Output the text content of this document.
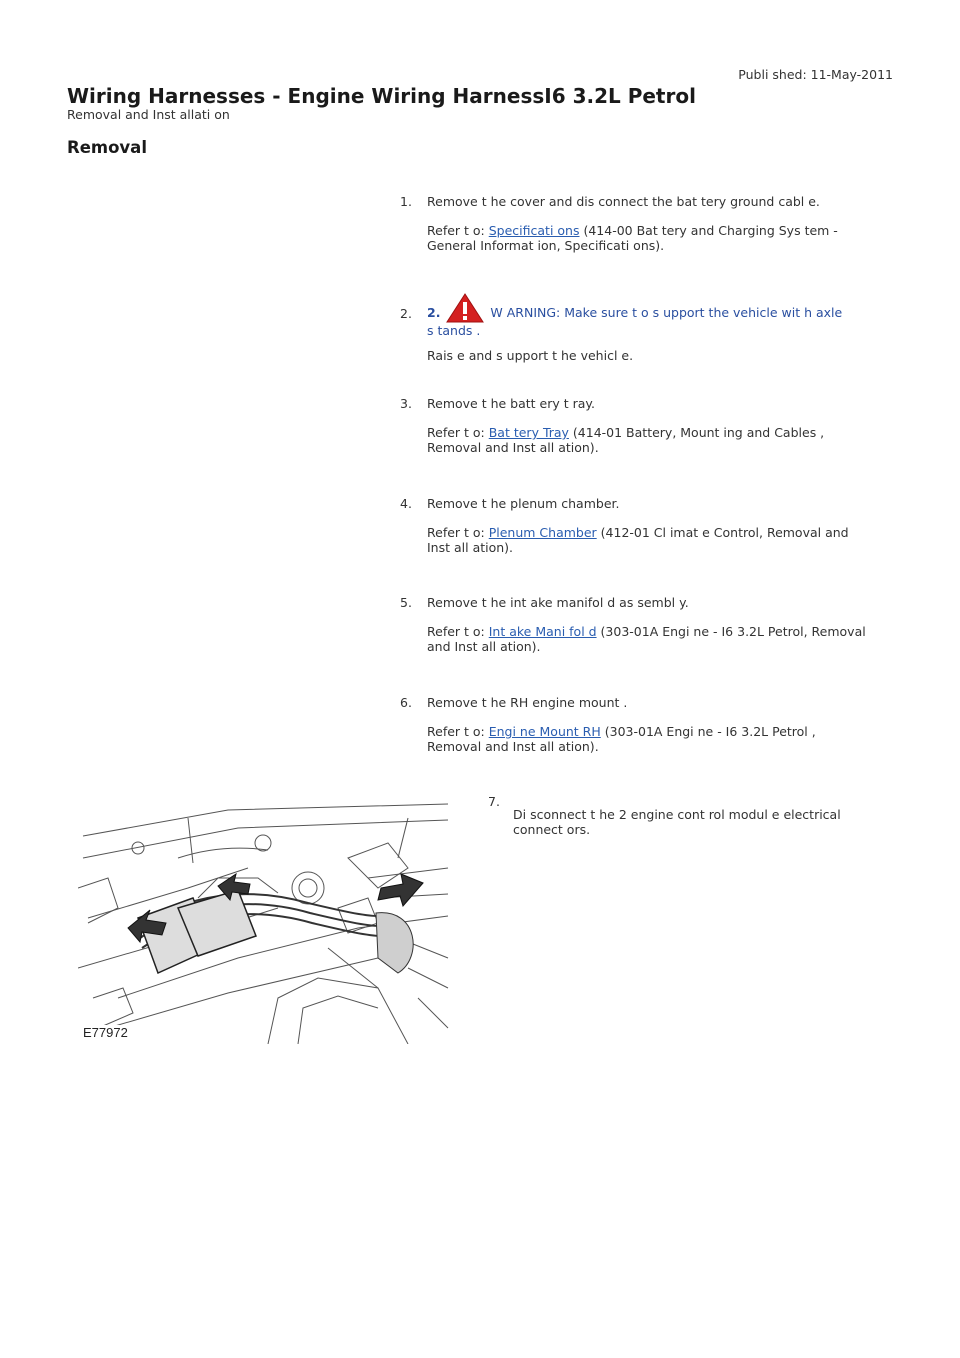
Publi shed: 11-May-2011
Wiring Harnesses - Engine Wiring HarnessI6 3.2L Petrol
Removal and Inst allati on
Removal
1. Remove t he cover and dis connect the bat tery ground cabl e.

Refer t o: Specificati ons (414-00 Bat tery and Charging Sys tem -
General Informat ion, Specificati ons).

2. 2.	W ARNING: Make sure t o s upport the vehicle wit h axle
s tands .

Rais e and s upport t he vehicl e.

3. Remove t he batt ery t ray.

Refer t o: Bat tery Tray (414-01 Battery, Mount ing and Cables ,
Removal and Inst all ation).

4. Remove t he plenum chamber.

Refer t o: Plenum Chamber (412-01 Cl imat e Control, Removal and
Inst all ation).

5. Remove t he int ake manifol d as sembl y.

Refer t o: Int ake Mani fol d (303-01A Engi ne - I6 3.2L Petrol, Removal
and Inst all ation).

6. Remove t he RH engine mount .

Refer t o: Engi ne Mount RH (303-01A Engi ne - I6 3.2L Petrol ,
Removal and Inst all ation).

E77972
7.

Di sconnect t he 2 engine cont rol modul e electrical
connect ors.
